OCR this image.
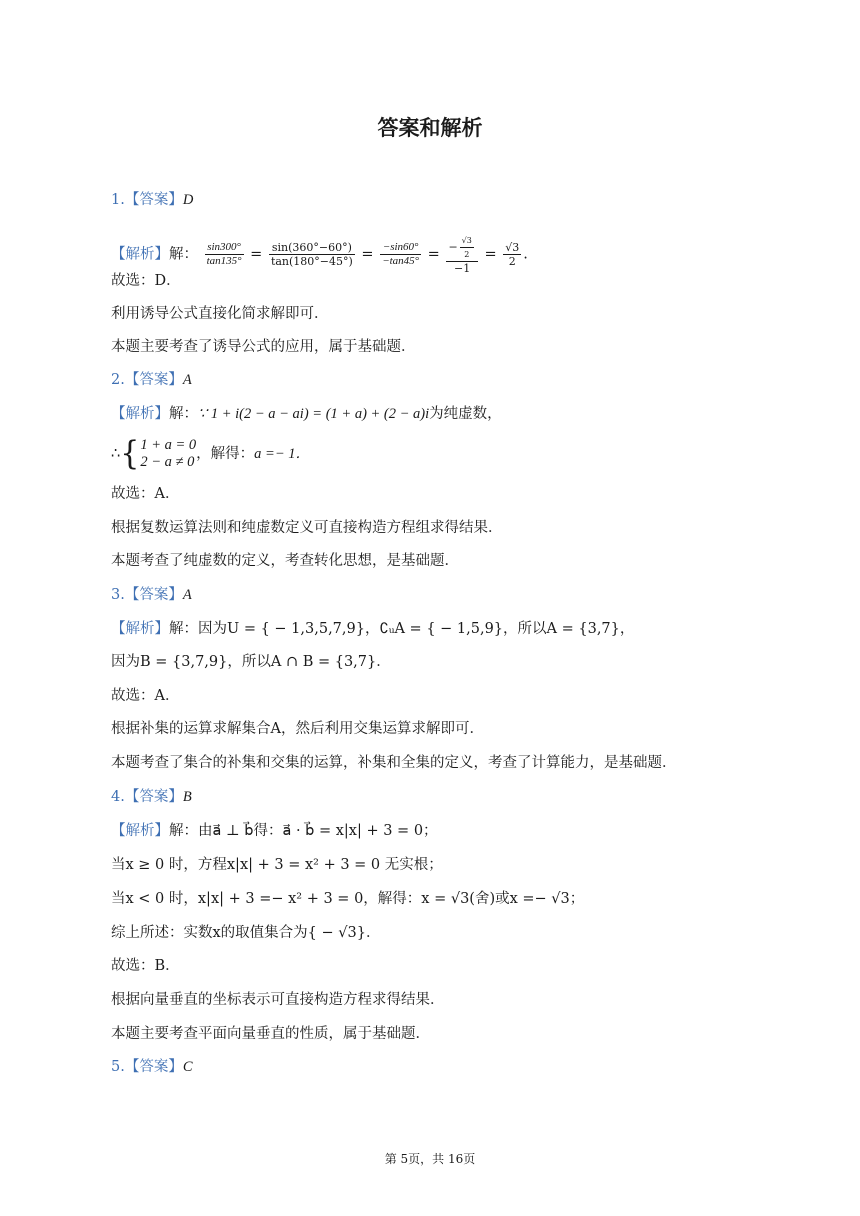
答案和解析
1.【答案】D
【解析】解： $\frac{\sin 300^\circ}{\tan 135^\circ} = \frac{\sin(360^\circ-60^\circ)}{\tan(180^\circ-45^\circ)} = \frac{-\sin 60^\circ}{-\tan 45^\circ} = \frac{- \frac{√3}{2}}{-1} = \frac{√3}{2}$ .
故选：D．
利用诱导公式直接化简求解即可．
本题主要考查了诱导公式的应用，属于基础题．
2.【答案】A
【解析】解：∵ 1 + i(2 − a − ai) = (1 + a) + (2 − a)i为纯虚数，
∴{ 1 + a = 0
2 − a ≠ 0 ，解得：a =− 1．
故选：A．
根据复数运算法则和纯虚数定义可直接构造方程组求得结果．
本题考查了纯虚数的定义，考查转化思想，是基础题．
3.【答案】A
【解析】解：因为U = { − 1,3,5,7,9}，∁ᵤA = { − 1,5,9}，所以A = {3,7}，
因为B = {3,7,9}，所以A ∩ B = {3,7}．
故选：A．
根据补集的运算求解集合A，然后利用交集运算求解即可．
本题考查了集合的补集和交集的运算，补集和全集的定义，考查了计算能力，是基础题．
4.【答案】B
【解析】解：由a⃗ ⊥ b⃗得：a⃗ · b⃗ = x|x| + 3 = 0；
当x ≥ 0 时，方程x|x| + 3 = x² + 3 = 0 无实根；
当x < 0 时，x|x| + 3 =− x² + 3 = 0，解得：x = √3(舍)或x =− √3；
综上所述：实数x的取值集合为{ − √3}．
故选：B．
根据向量垂直的坐标表示可直接构造方程求得结果．
本题主要考查平面向量垂直的性质，属于基础题．
5.【答案】C
第 5页，共 16页
